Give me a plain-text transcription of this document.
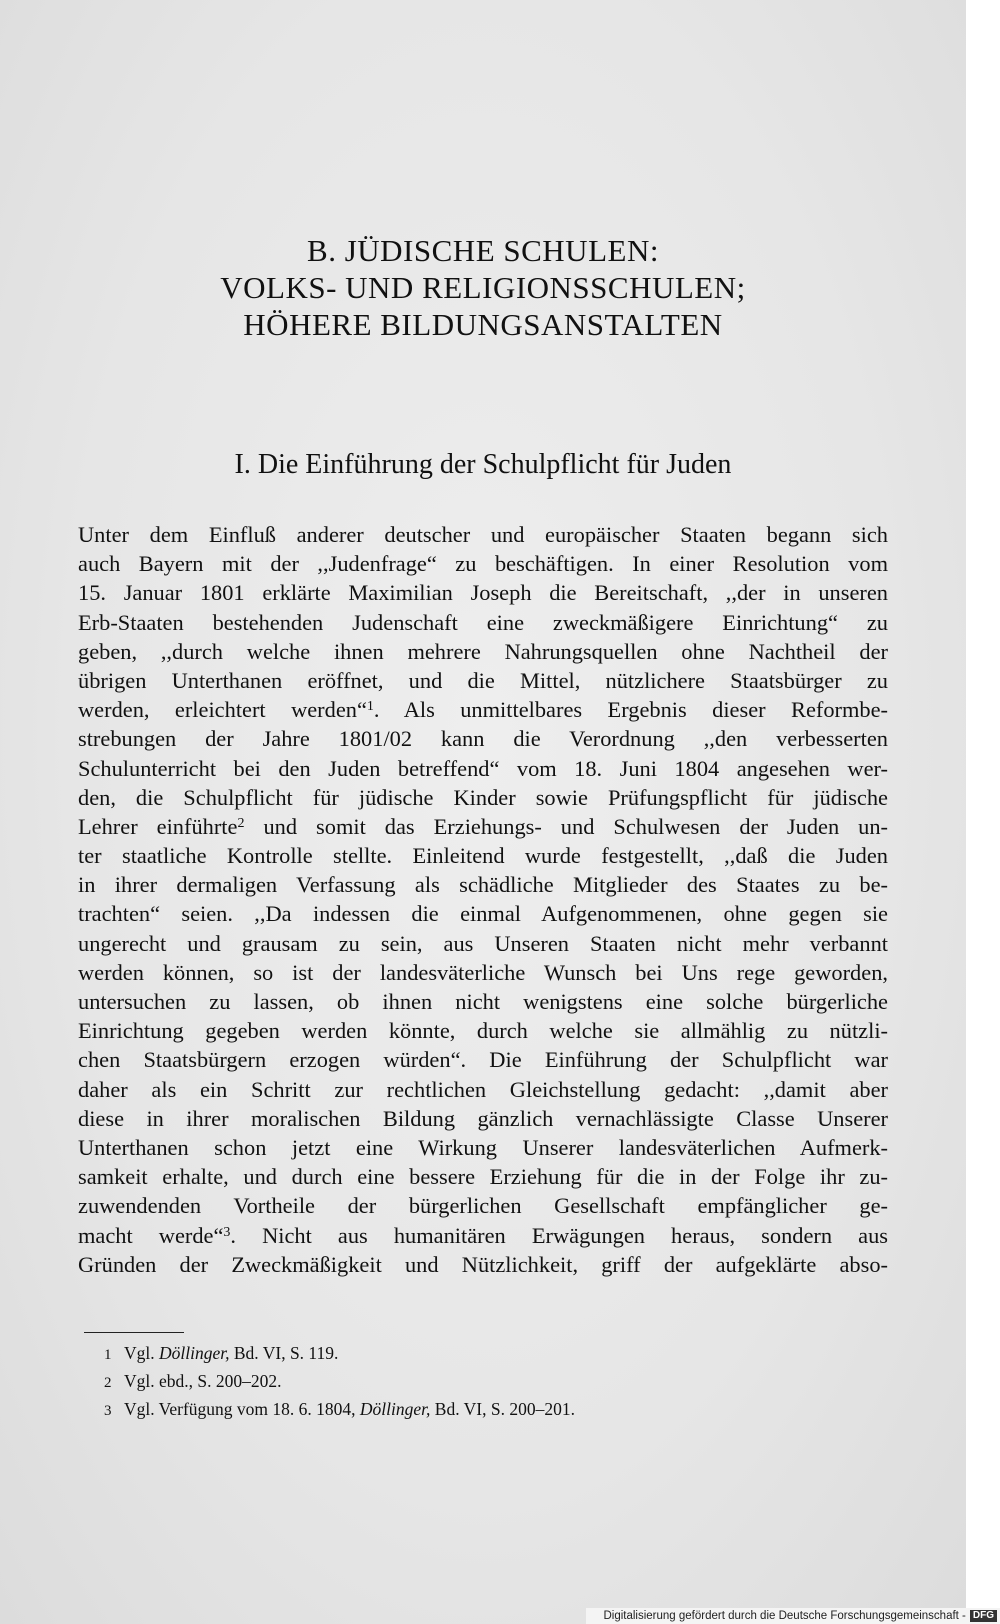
B. JÜDISCHE SCHULEN:
VOLKS- UND RELIGIONSSCHULEN;
HÖHERE BILDUNGSANSTALTEN
I. Die Einführung der Schulpflicht für Juden
Unter dem Einfluß anderer deutscher und europäischer Staaten begann sich
auch Bayern mit der ,,Judenfrage“ zu beschäftigen. In einer Resolution vom
15. Januar 1801 erklärte Maximilian Joseph die Bereitschaft, ,,der in unseren
Erb-Staaten bestehenden Judenschaft eine zweckmäßigere Einrichtung“ zu
geben, ,,durch welche ihnen mehrere Nahrungsquellen ohne Nachtheil der
übrigen Unterthanen eröffnet, und die Mittel, nützlichere Staatsbürger zu
werden, erleichtert werden“$^1$. Als unmittelbares Ergebnis dieser Reformbe-
strebungen der Jahre 1801/02 kann die Verordnung ,,den verbesserten
Schulunterricht bei den Juden betreffend“ vom 18. Juni 1804 angesehen wer-
den, die Schulpflicht für jüdische Kinder sowie Prüfungspflicht für jüdische
Lehrer einführte$^2$ und somit das Erziehungs- und Schulwesen der Juden un-
ter staatliche Kontrolle stellte. Einleitend wurde festgestellt, ,,daß die Juden
in ihrer dermaligen Verfassung als schädliche Mitglieder des Staates zu be-
trachten“ seien. ,,Da indessen die einmal Aufgenommenen, ohne gegen sie
ungerecht und grausam zu sein, aus Unseren Staaten nicht mehr verbannt
werden können, so ist der landesväterliche Wunsch bei Uns rege geworden,
untersuchen zu lassen, ob ihnen nicht wenigstens eine solche bürgerliche
Einrichtung gegeben werden könnte, durch welche sie allmählig zu nützli-
chen Staatsbürgern erzogen würden“. Die Einführung der Schulpflicht war
daher als ein Schritt zur rechtlichen Gleichstellung gedacht: ,,damit aber
diese in ihrer moralischen Bildung gänzlich vernachlässigte Classe Unserer
Unterthanen schon jetzt eine Wirkung Unserer landesväterlichen Aufmerk-
samkeit erhalte, und durch eine bessere Erziehung für die in der Folge ihr zu-
zuwendenden Vortheile der bürgerlichen Gesellschaft empfänglicher ge-
macht werde“$^3$. Nicht aus humanitären Erwägungen heraus, sondern aus
Gründen der Zweckmäßigkeit und Nützlichkeit, griff der aufgeklärte abso-
1 Vgl. Döllinger, Bd. VI, S. 119.
2 Vgl. ebd., S. 200–202.
3 Vgl. Verfügung vom 18. 6. 1804, Döllinger, Bd. VI, S. 200–201.
Digitalisierung gefördert durch die Deutsche Forschungsgemeinschaft - DFG
